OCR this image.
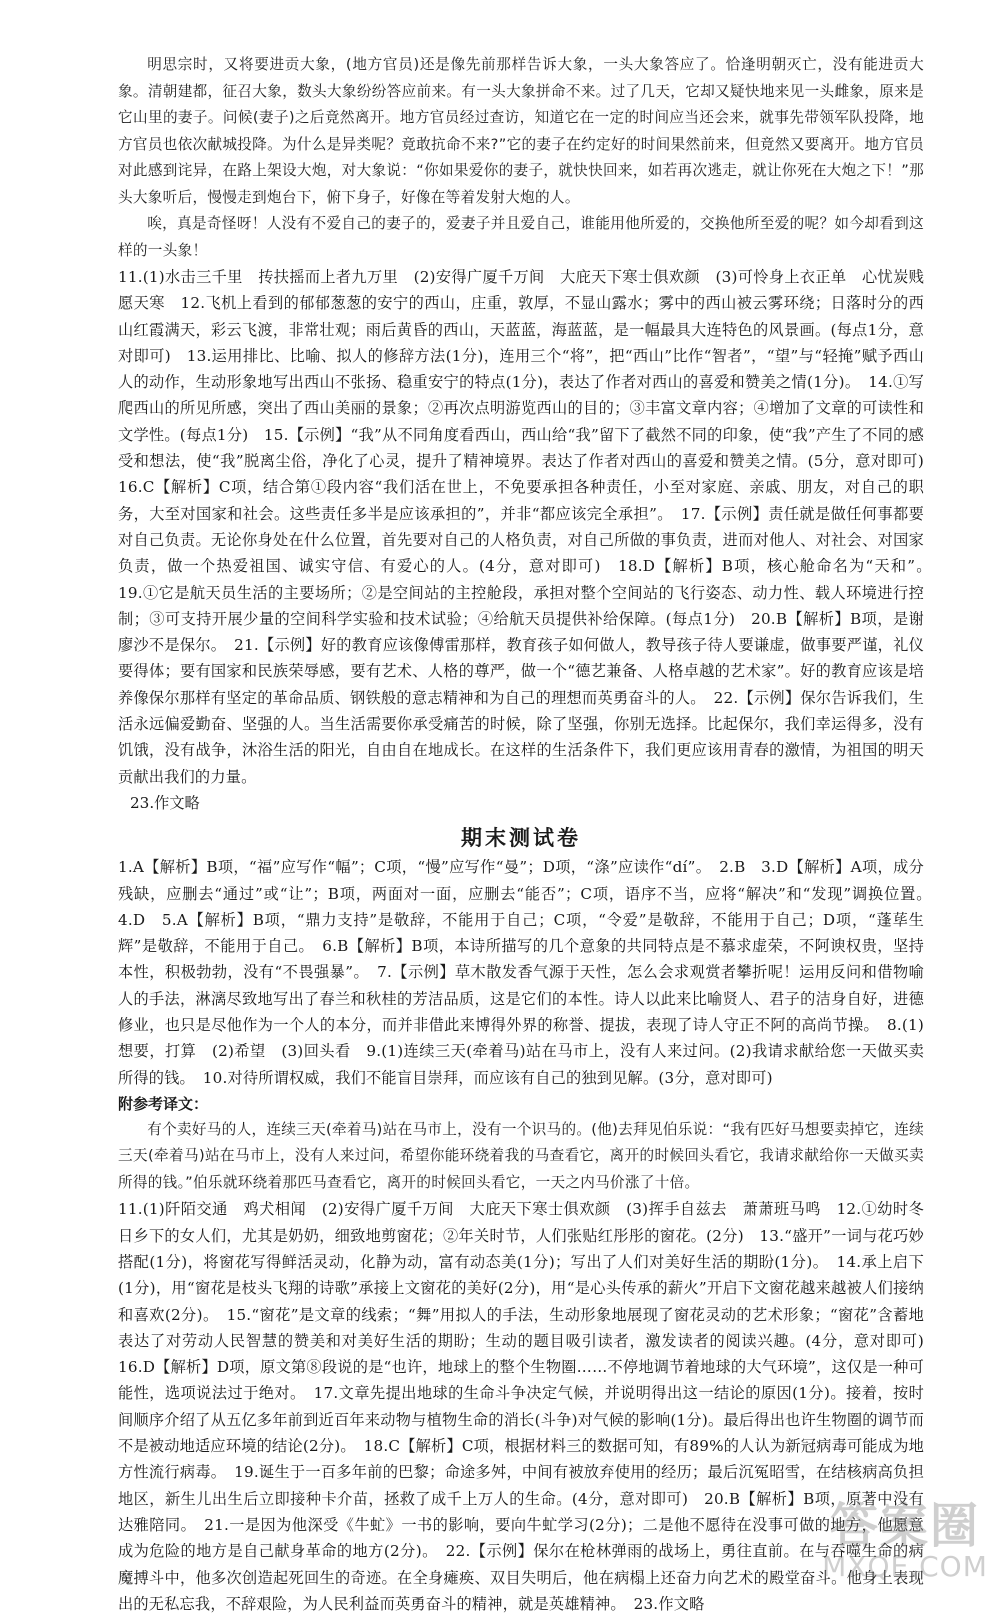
明思宗时，又将要进贡大象，(地方官员)还是像先前那样告诉大象，一头大象答应了。恰逢明朝灭亡，没有能进贡大象。清朝建都，征召大象，数头大象纷纷答应前来。有一头大象拼命不来。过了几天，它却又疑快地来见一头雌象，原来是它山里的妻子。问候(妻子)之后竟然离开。地方官员经过查访，知道它在一定的时间应当还会来，就事先带领军队投降，地方官员也依次献城投降。为什么是异类呢？竟敢抗命不来?”它的妻子在约定好的时间果然前来，但竟然又要离开。地方官员对此感到诧异，在路上架设大炮，对大象说：“你如果爱你的妻子，就快快回来，如若再次逃走，就让你死在大炮之下！”那头大象听后，慢慢走到炮台下，俯下身子，好像在等着发射大炮的人。

唉，真是奇怪呀！人没有不爱自己的妻子的，爱妻子并且爱自己，谁能用他所爱的，交换他所至爱的呢？如今却看到这样的一头象！

11.(1)水击三千里　抟扶摇而上者九万里　(2)安得广厦千万间　大庇天下寒士俱欢颜　(3)可怜身上衣正单　心忧炭贱愿天寒　12.飞机上看到的郁郁葱葱的安宁的西山，庄重，敦厚，不显山露水；雾中的西山被云雾环绕；日落时分的西山红霞满天，彩云飞渡，非常壮观；雨后黄昏的西山，天蓝蓝，海蓝蓝，是一幅最具大连特色的风景画。(每点1分，意对即可)　13.运用排比、比喻、拟人的修辞方法(1分)，连用三个“将”，把“西山”比作“智者”，“望”与“轻掩”赋予西山人的动作，生动形象地写出西山不张扬、稳重安宁的特点(1分)，表达了作者对西山的喜爱和赞美之情(1分)。　14.①写爬西山的所见所感，突出了西山美丽的景象；②再次点明游览西山的目的；③丰富文章内容；④增加了文章的可读性和文学性。(每点1分)　15.【示例】“我”从不同角度看西山，西山给“我”留下了截然不同的印象，使“我”产生了不同的感受和想法，使“我”脱离尘俗，净化了心灵，提升了精神境界。表达了作者对西山的喜爱和赞美之情。(5分，意对即可)　16.C【解析】C项，结合第①段内容“我们活在世上，不免要承担各种责任，小至对家庭、亲戚、朋友，对自己的职务，大至对国家和社会。这些责任多半是应该承担的”，并非“都应该完全承担”。　17.【示例】责任就是做任何事都要对自己负责。无论你身处在什么位置，首先要对自己的人格负责，对自己所做的事负责，进而对他人、对社会、对国家负责，做一个热爱祖国、诚实守信、有爱心的人。(4分，意对即可)　18.D【解析】B项，核心舱命名为“天和”。　19.①它是航天员生活的主要场所；②是空间站的主控舱段，承担对整个空间站的飞行姿态、动力性、载人环境进行控制；③可支持开展少量的空间科学实验和技术试验；④给航天员提供补给保障。(每点1分)　20.B【解析】B项，是谢廖沙不是保尔。　21.【示例】好的教育应该像傅雷那样，教育孩子如何做人，教导孩子待人要谦虚，做事要严谨，礼仪要得体；要有国家和民族荣辱感，要有艺术、人格的尊严，做一个“德艺兼备、人格卓越的艺术家”。好的教育应该是培养像保尔那样有坚定的革命品质、钢铁般的意志精神和为自己的理想而英勇奋斗的人。　22.【示例】保尔告诉我们，生活永远偏爱勤奋、坚强的人。当生活需要你承受痛苦的时候，除了坚强，你别无选择。比起保尔，我们幸运得多，没有饥饿，没有战争，沐浴生活的阳光，自由自在地成长。在这样的生活条件下，我们更应该用青春的激情，为祖国的明天贡献出我们的力量。

23.作文略

期末测试卷

1.A【解析】B项，“福”应写作“幅”；C项，“慢”应写作“曼”；D项，“涤”应读作“dí”。　2.B　3.D【解析】A项，成分残缺，应删去“通过”或“让”；B项，两面对一面，应删去“能否”；C项，语序不当，应将“解决”和“发现”调换位置。　4.D　5.A【解析】B项，“鼎力支持”是敬辞，不能用于自己；C项，“令爱”是敬辞，不能用于自己；D项，“蓬荜生辉”是敬辞，不能用于自己。　6.B【解析】B项，本诗所描写的几个意象的共同特点是不慕求虚荣，不阿谀权贵，坚持本性，积极勃勃，没有“不畏强暴”。　7.【示例】草木散发香气源于天性，怎么会求观赏者攀折呢！运用反问和借物喻人的手法，淋漓尽致地写出了春兰和秋桂的芳洁品质，这是它们的本性。诗人以此来比喻贤人、君子的洁身自好，进德修业，也只是尽他作为一个人的本分，而并非借此来博得外界的称誉、提拔，表现了诗人守正不阿的高尚节操。　8.(1)想要，打算　(2)希望　(3)回头看　9.(1)连续三天(牵着马)站在马市上，没有人来过问。(2)我请求献给您一天做买卖所得的钱。　10.对待所谓权威，我们不能盲目崇拜，而应该有自己的独到见解。(3分，意对即可)

附参考译文：

有个卖好马的人，连续三天(牵着马)站在马市上，没有一个识马的。(他)去拜见伯乐说：“我有匹好马想要卖掉它，连续三天(牵着马)站在马市上，没有人来过问，希望你能环绕着我的马查看它，离开的时候回头看它，我请求献给你一天做买卖所得的钱。”伯乐就环绕着那匹马查看它，离开的时候回头看它，一天之内马价涨了十倍。

11.(1)阡陌交通　鸡犬相闻　(2)安得广厦千万间　大庇天下寒士俱欢颜　(3)挥手自兹去　萧萧班马鸣　12.①幼时冬日乡下的女人们，尤其是奶奶，细致地剪窗花；②年关时节，人们张贴红彤彤的窗花。(2分)　13.“盛开”一词与花巧妙搭配(1分)，将窗花写得鲜活灵动，化静为动，富有动态美(1分)；写出了人们对美好生活的期盼(1分)。　14.承上启下(1分)，用“窗花是枝头飞翔的诗歌”承接上文窗花的美好(2分)，用“是心头传承的薪火”开启下文窗花越来越被人们接纳和喜欢(2分)。　15.“窗花”是文章的线索；“舞”用拟人的手法，生动形象地展现了窗花灵动的艺术形象；“窗花”含蓄地表达了对劳动人民智慧的赞美和对美好生活的期盼；生动的题目吸引读者，激发读者的阅读兴趣。(4分，意对即可)　16.D【解析】D项，原文第⑧段说的是“也许，地球上的整个生物圈……不停地调节着地球的大气环境”，这仅是一种可能性，选项说法过于绝对。　17.文章先提出地球的生命斗争决定气候，并说明得出这一结论的原因(1分)。接着，按时间顺序介绍了从五亿多年前到近百年来动物与植物生命的消长(斗争)对气候的影响(1分)。最后得出也许生物圈的调节而不是被动地适应环境的结论(2分)。　18.C【解析】C项，根据材料三的数据可知，有89%的人认为新冠病毒可能成为地方性流行病毒。　19.诞生于一百多年前的巴黎；命途多舛，中间有被放弃使用的经历；最后沉冤昭雪，在结核病高负担地区，新生儿出生后立即接种卡介苗，拯救了成千上万人的生命。(4分，意对即可)　20.B【解析】B项，原著中没有达雅陪同。　21.一是因为他深受《牛虻》一书的影响，要向牛虻学习(2分)；二是他不愿待在没事可做的地方，他愿意成为危险的地方是自己献身革命的地方(2分)。　22.【示例】保尔在枪林弹雨的战场上，勇往直前。在与吞噬生命的病魔搏斗中，他多次创造起死回生的奇迹。在全身瘫痪、双目失明后，他在病榻上还奋力向艺术的殿堂奋斗。他身上表现出的无私忘我，不辞艰险，为人民利益而英勇奋斗的精神，就是英雄精神。　23.作文略

答案圈
MXQE.COM
